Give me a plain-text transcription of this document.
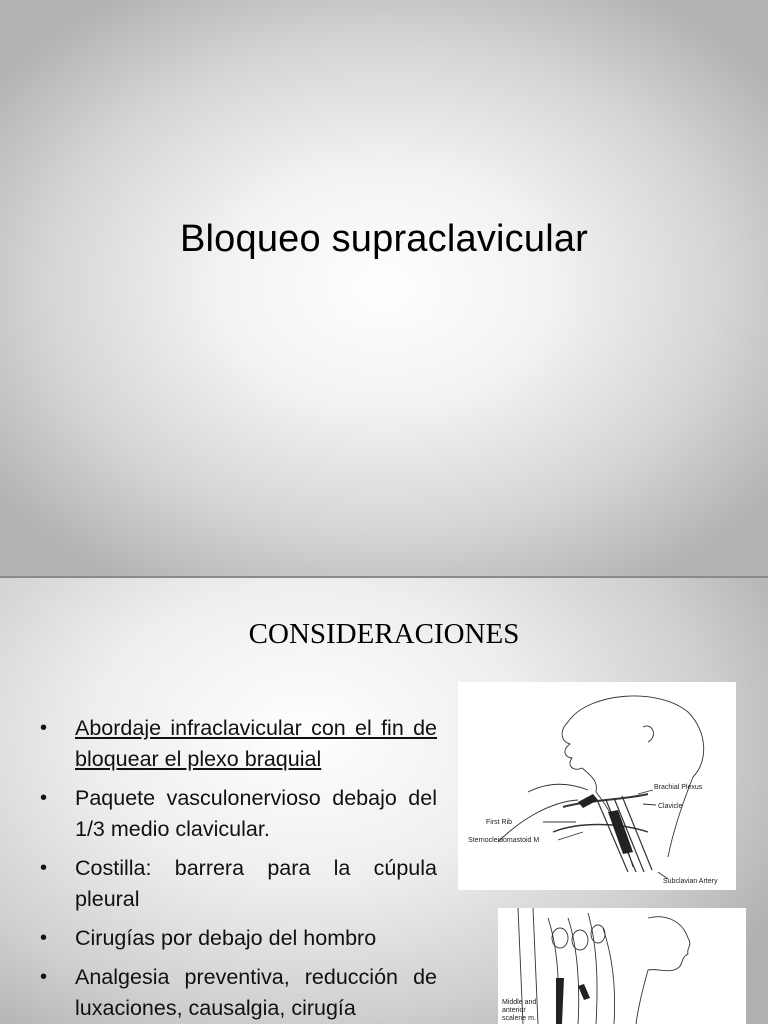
Bloqueo supraclavicular
CONSIDERACIONES
• Abordaje infraclavicular con el fin de bloquear el plexo braquial
• Paquete vasculonervioso debajo del 1/3 medio clavicular.
• Costilla: barrera para la cúpula pleural
• Cirugías por debajo del hombro
• Analgesia preventiva, reducción de luxaciones, causalgia, cirugía
Brachial Plexus
Clavicle
First Rib
Sternocleidomastoid M
Subclavian Artery
Middle and
anterior
scalene m.
